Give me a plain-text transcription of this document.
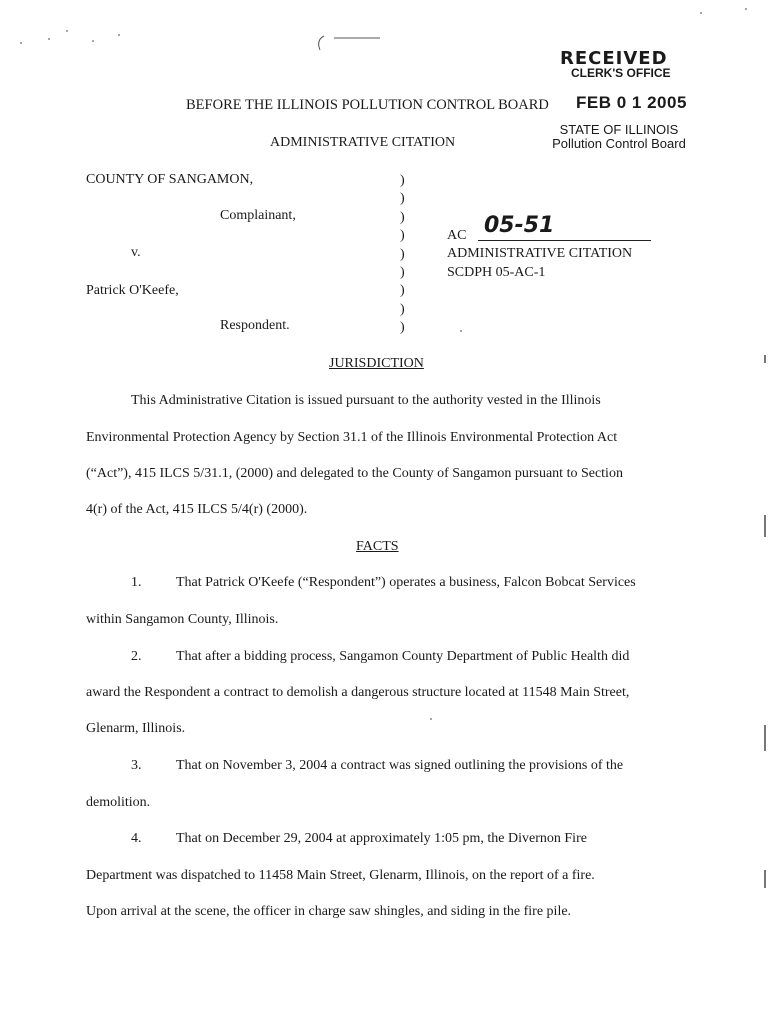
RECEIVED
CLERK'S OFFICE
FEB 0 1 2005
STATE OF ILLINOIS
Pollution Control Board
BEFORE THE ILLINOIS POLLUTION CONTROL BOARD
ADMINISTRATIVE CITATION
COUNTY OF SANGAMON,
Complainant,
v.
Patrick O'Keefe,
Respondent.
)
)
)
)
)
)
)
)
)
AC 05-51
ADMINISTRATIVE CITATION
SCDPH 05-AC-1
JURISDICTION
This Administrative Citation is issued pursuant to the authority vested in the Illinois
Environmental Protection Agency by Section 31.1 of the Illinois Environmental Protection Act
(“Act”), 415 ILCS 5/31.1, (2000) and delegated to the County of Sangamon pursuant to Section
4(r) of the Act, 415 ILCS 5/4(r) (2000).
FACTS
1. That Patrick O'Keefe (“Respondent”) operates a business, Falcon Bobcat Services
within Sangamon County, Illinois.
2. That after a bidding process, Sangamon County Department of Public Health did
award the Respondent a contract to demolish a dangerous structure located at 11548 Main Street,
Glenarm, Illinois.
3. That on November 3, 2004 a contract was signed outlining the provisions of the
demolition.
4. That on December 29, 2004 at approximately 1:05 pm, the Divernon Fire
Department was dispatched to 11458 Main Street, Glenarm, Illinois, on the report of a fire.
Upon arrival at the scene, the officer in charge saw shingles, and siding in the fire pile.
